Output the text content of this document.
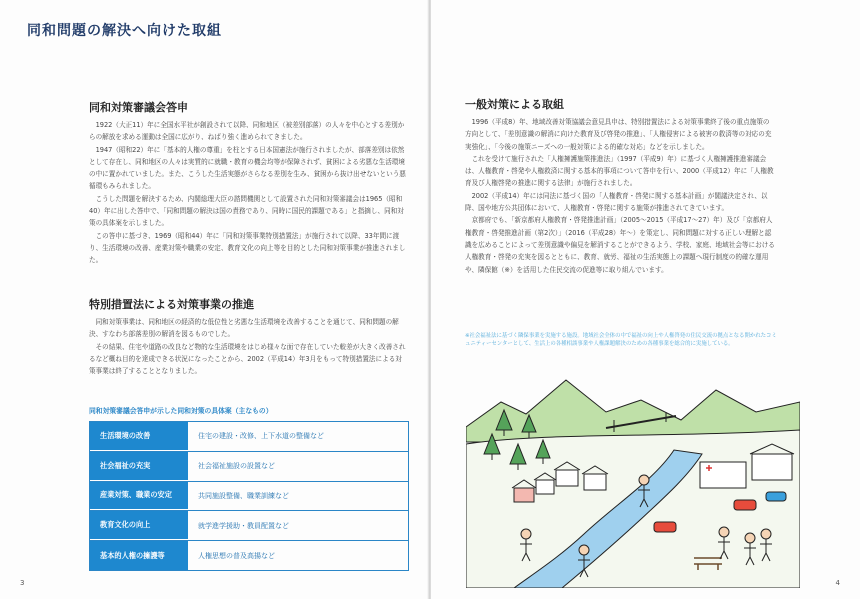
同和問題の解決へ向けた取組
同和対策審議会答申

1922（大正11）年に全国水平社が創設されて以降、同和地区（被差別部落）の人々を中心とする差別からの解放を求める運動は全国に広がり、ねばり強く進められてきました。

1947（昭和22）年に「基本的人権の尊重」を柱とする日本国憲法が施行されましたが、部落差別は依然として存在し、同和地区の人々は実質的に就職・教育の機会均等が保障されず、貧困による劣悪な生活環境の中に置かれていました。また、こうした生活実態がさらなる差別を生み、貧困から抜け出せないという悪循環もみられました。

こうした問題を解決するため、内閣総理大臣の諮問機関として設置された同和対策審議会は1965（昭和40）年に出した答申で、「同和問題の解決は国の責務であり、同時に国民的課題である」と指摘し、同和対策の具体案を示しました。

この答申に基づき、1969（昭和44）年に「同和対策事業特別措置法」が施行されて以降、33年間に渡り、生活環境の改善、産業対策や職業の安定、教育文化の向上等を目的とした同和対策事業が推進されました。

特別措置法による対策事業の推進

同和対策事業は、同和地区の経済的な低位性と劣悪な生活環境を改善することを通じて、同和問題の解決、すなわち部落差別の解消を図るものでした。

その結果、住宅や道路の改良など物的な生活環境をはじめ様々な面で存在していた較差が大きく改善されるなど概ね目的を達成できる状況になったことから、2002（平成14）年3月をもって特別措置法による対策事業は終了することとなりました。

同和対策審議会答申が示した同和対策の具体案（主なもの）
生活環境の改善	住宅の建設・改修、上下水道の整備など
社会福祉の充実	社会福祉施設の設置など
産業対策、職業の安定	共同施設整備、職業訓練など
教育文化の向上	就学進学援助・教員配置など
基本的人権の擁護等	人権思想の普及高揚など
3
一般対策による取組

1996（平成8）年、地域改善対策協議会意見具申は、特別措置法による対策事業終了後の重点施策の方向として、「差別意識の解消に向けた教育及び啓発の推進」、「人権侵害による被害の救済等の対応の充実強化」、「今後の施策ニーズへの一般対策による的確な対応」などを示しました。

これを受けて施行された「人権擁護施策推進法」（1997（平成9）年）に基づく人権擁護推進審議会は、人権教育・啓発や人権救済に関する基本的事項について答申を行い、2000（平成12）年に「人権教育及び人権啓発の推進に関する法律」が施行されました。

2002（平成14）年には同法に基づく国の「人権教育・啓発に関する基本計画」が閣議決定され、以降、国や地方公共団体において、人権教育・啓発に関する施策が推進されてきています。

京都府でも、「新京都府人権教育・啓発推進計画」（2005〜2015（平成17〜27）年）及び「京都府人権教育・啓発推進計画（第2次）」（2016（平成28）年〜）を策定し、同和問題に対する正しい理解と認識を広めることによって差別意識や偏見を解消することができるよう、学校、家庭、地域社会等における人権教育・啓発の充実を図るとともに、教育、就労、福祉の生活実態上の課題へ現行制度の的確な運用や、隣保館（※）を活用した住民交流の促進等に取り組んでいます。

4
※社会福祉法に基づく隣保事業を実施する施設。地域社会全体の中で福祉の向上や人権啓発の住民交流の拠点となる開かれたコミュニティーセンターとして、生活上の各種相談事業や人権課題解決のための各種事業を総合的に実施している。
